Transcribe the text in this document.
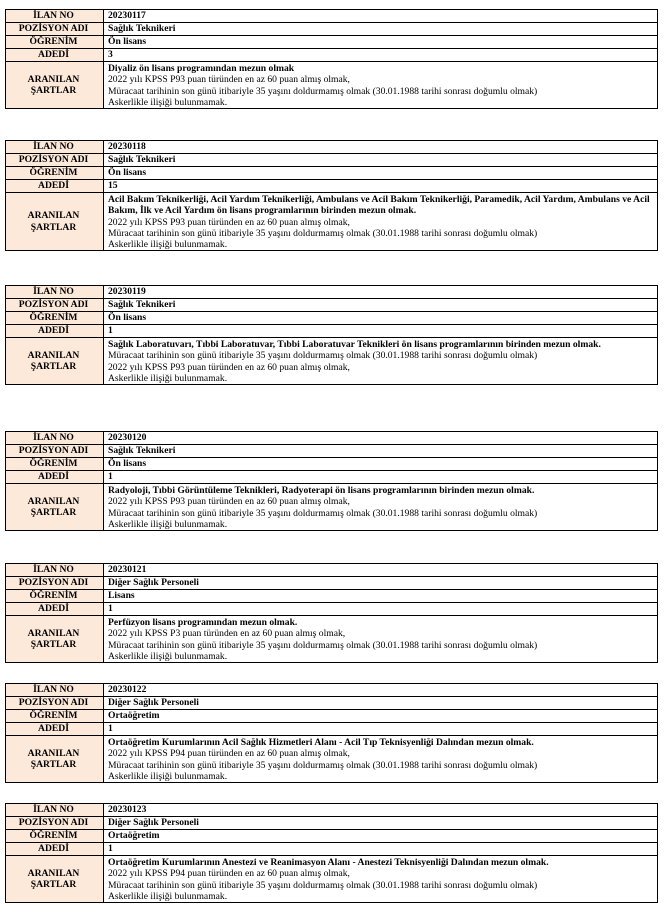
İLAN NO	20230117
POZİSYON ADI	Sağlık Teknikeri
ÖĞRENİM	Ön lisans
ADEDİ	3

ARANILAN
ŞARTLAR	Diyaliz ön lisans programından mezun olmak
2022 yılı KPSS P93 puan türünden en az 60 puan almış olmak,
Müracaat tarihinin son günü itibariyle 35 yaşını doldurmamış olmak (30.01.1988 tarihi sonrası doğumlu olmak)
Askerlikle ilişiği bulunmamak.
İLAN NO	20230118
POZİSYON ADI	Sağlık Teknikeri
ÖĞRENİM	Ön lisans
ADEDİ	15

ARANILAN
ŞARTLAR	Acil Bakım Teknikerliği, Acil Yardım Teknikerliği, Ambulans ve Acil Bakım Teknikerliği, Paramedik, Acil Yardım, Ambulans ve Acil Bakım, İlk ve Acil Yardım ön lisans programlarının birinden mezun olmak.
2022 yılı KPSS P93 puan türünden en az 60 puan almış olmak,
Müracaat tarihinin son günü itibariyle 35 yaşını doldurmamış olmak (30.01.1988 tarihi sonrası doğumlu olmak)
Askerlikle ilişiği bulunmamak.
İLAN NO	20230119
POZİSYON ADI	Sağlık Teknikeri
ÖĞRENİM	Ön lisans
ADEDİ	1

ARANILAN
ŞARTLAR	Sağlık Laboratuvarı, Tıbbi Laboratuvar, Tıbbi Laboratuvar Teknikleri ön lisans programlarının birinden mezun olmak.
Müracaat tarihinin son günü itibariyle 35 yaşını doldurmamış olmak (30.01.1988 tarihi sonrası doğumlu olmak)
2022 yılı KPSS P93 puan türünden en az 60 puan almış olmak,
Askerlikle ilişiği bulunmamak.
İLAN NO	20230120
POZİSYON ADI	Sağlık Teknikeri
ÖĞRENİM	Ön lisans
ADEDİ	1

ARANILAN
ŞARTLAR	Radyoloji, Tıbbi Görüntüleme Teknikleri, Radyoterapi ön lisans programlarının birinden mezun olmak.
2022 yılı KPSS P93 puan türünden en az 60 puan almış olmak,
Müracaat tarihinin son günü itibariyle 35 yaşını doldurmamış olmak (30.01.1988 tarihi sonrası doğumlu olmak)
Askerlikle ilişiği bulunmamak.
İLAN NO	20230121
POZİSYON ADI	Diğer Sağlık Personeli
ÖĞRENİM	Lisans
ADEDİ	1

ARANILAN
ŞARTLAR	Perfüzyon lisans programından mezun olmak.
2022 yılı KPSS P3 puan türünden en az 60 puan almış olmak,
Müracaat tarihinin son günü itibariyle 35 yaşını doldurmamış olmak (30.01.1988 tarihi sonrası doğumlu olmak)
Askerlikle ilişiği bulunmamak.
İLAN NO	20230122
POZİSYON ADI	Diğer Sağlık Personeli
ÖĞRENİM	Ortaöğretim
ADEDİ	1

ARANILAN
ŞARTLAR	Ortaöğretim Kurumlarının Acil Sağlık Hizmetleri Alanı - Acil Tıp Teknisyenliği Dalından mezun olmak.
2022 yılı KPSS P94 puan türünden en az 60 puan almış olmak,
Müracaat tarihinin son günü itibariyle 35 yaşını doldurmamış olmak (30.01.1988 tarihi sonrası doğumlu olmak)
Askerlikle ilişiği bulunmamak.
İLAN NO	20230123
POZİSYON ADI	Diğer Sağlık Personeli
ÖĞRENİM	Ortaöğretim
ADEDİ	1

ARANILAN
ŞARTLAR	Ortaöğretim Kurumlarının Anestezi ve Reanimasyon Alanı - Anestezi Teknisyenliği Dalından mezun olmak.
2022 yılı KPSS P94 puan türünden en az 60 puan almış olmak,
Müracaat tarihinin son günü itibariyle 35 yaşını doldurmamış olmak (30.01.1988 tarihi sonrası doğumlu olmak)
Askerlikle ilişiği bulunmamak.
